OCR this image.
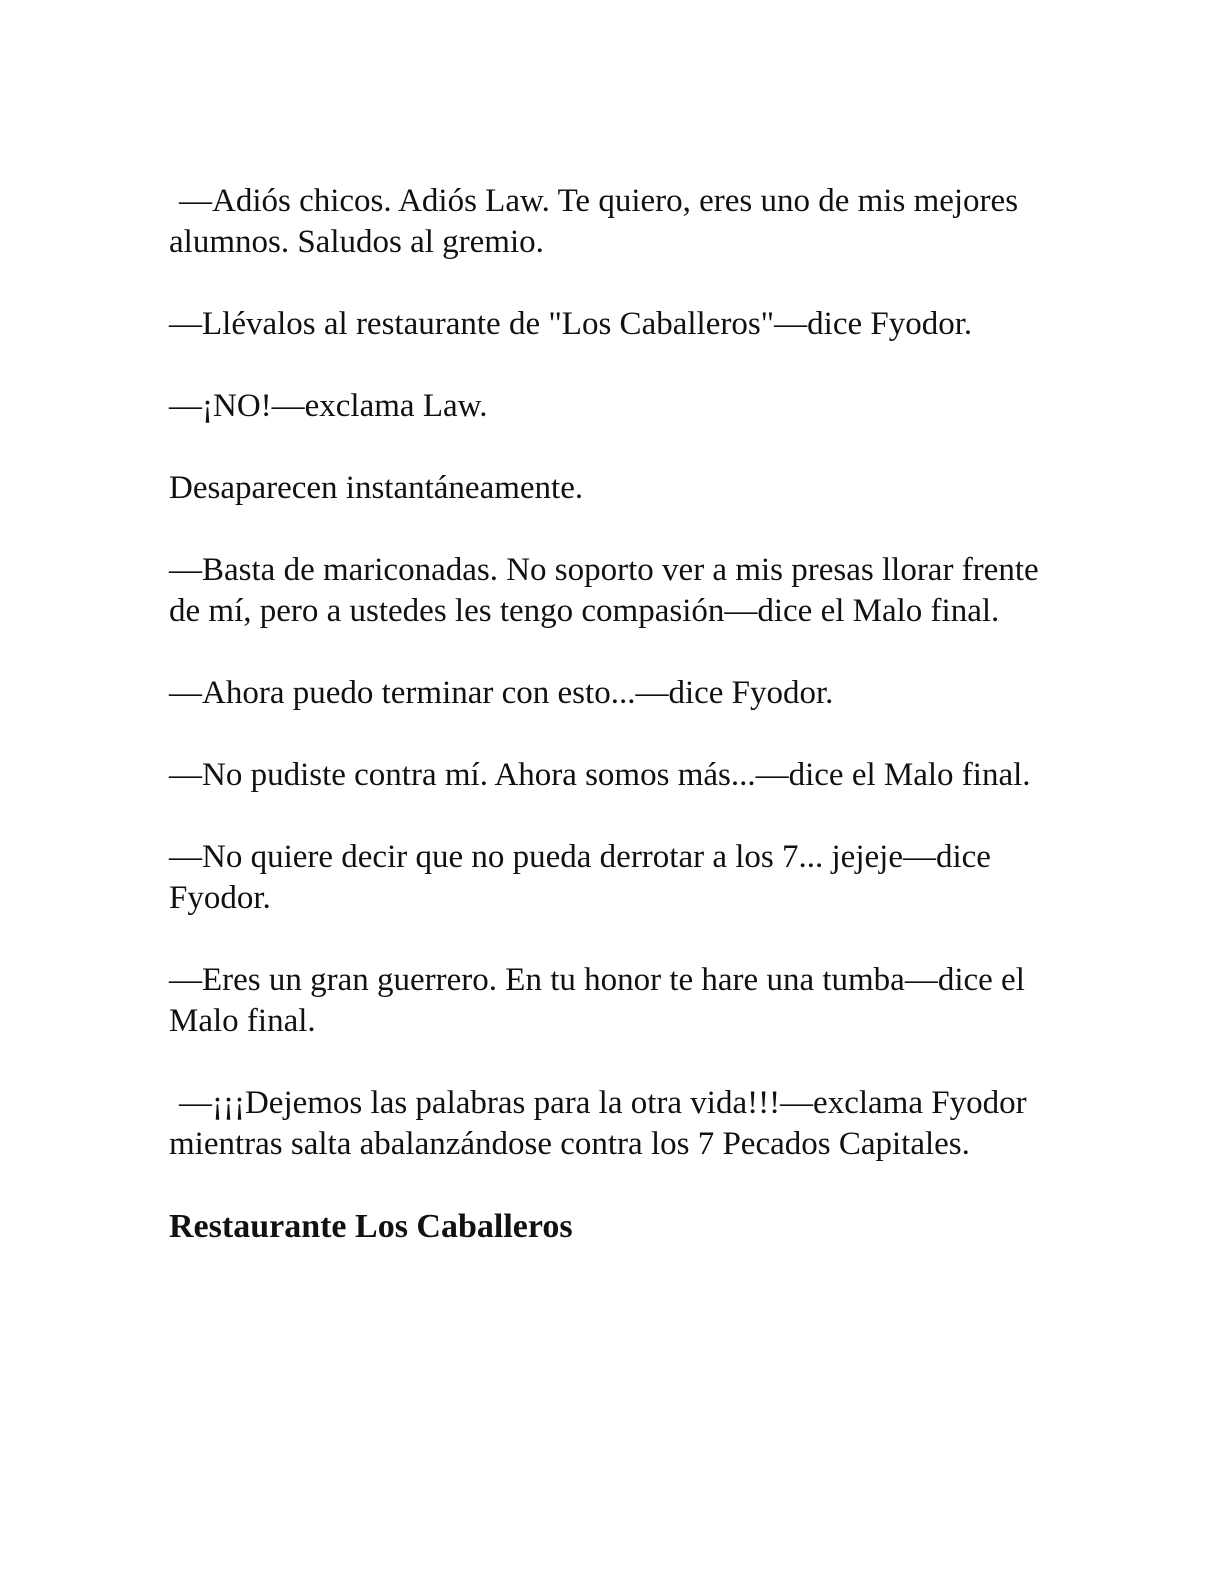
—Adiós chicos. Adiós Law. Te quiero, eres uno de mis mejores alumnos. Saludos al gremio.

—Llévalos al restaurante de "Los Caballeros"—dice Fyodor.

—¡NO!—exclama Law.

Desaparecen instantáneamente.

—Basta de mariconadas. No soporto ver a mis presas llorar frente de mí, pero a ustedes les tengo compasión—dice el Malo final.

—Ahora puedo terminar con esto...—dice Fyodor.

—No pudiste contra mí. Ahora somos más...—dice el Malo final.

—No quiere decir que no pueda derrotar a los 7... jejeje—dice Fyodor.

—Eres un gran guerrero. En tu honor te hare una tumba—dice el Malo final.

—¡¡¡Dejemos las palabras para la otra vida!!!—exclama Fyodor mientras salta abalanzándose contra los 7 Pecados Capitales.

Restaurante Los Caballeros
